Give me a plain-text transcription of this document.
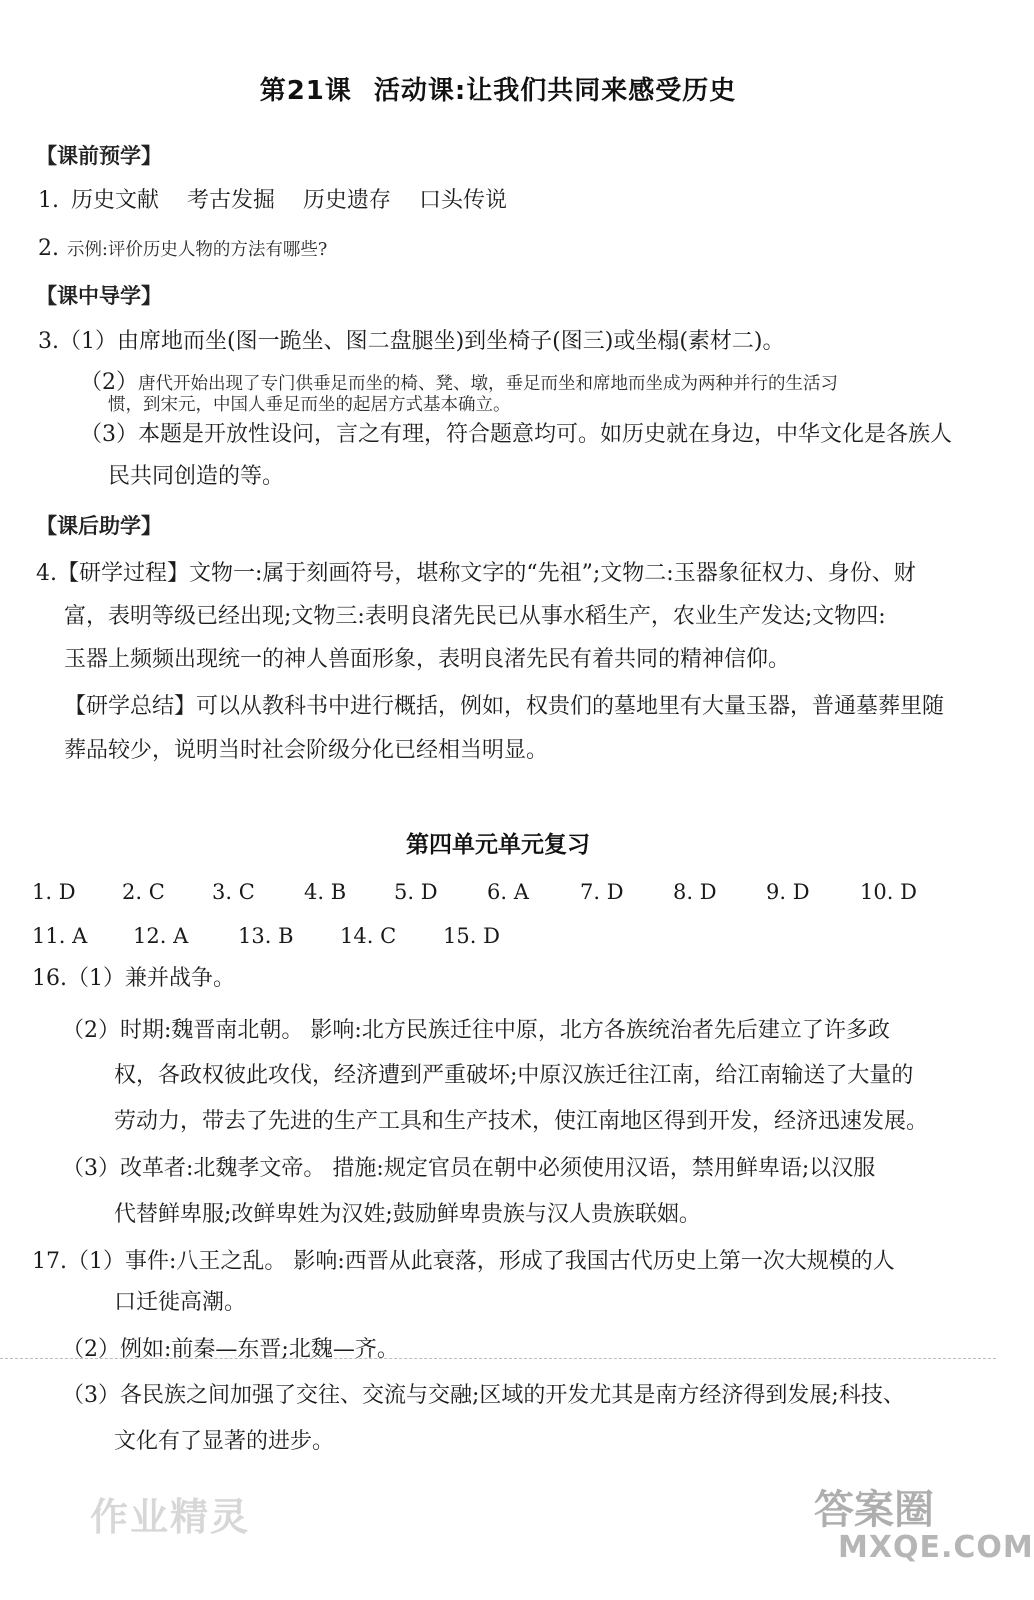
第21课 活动课:让我们共同来感受历史
【课前预学】
1. 历史文献 考古发掘 历史遗存 口头传说
2. 示例:评价历史人物的方法有哪些?
【课中导学】
3.（1）由席地而坐(图一跪坐、图二盘腿坐)到坐椅子(图三)或坐榻(素材二)。
（2）唐代开始出现了专门供垂足而坐的椅、凳、墩，垂足而坐和席地而坐成为两种并行的生活习
惯，到宋元，中国人垂足而坐的起居方式基本确立。
（3）本题是开放性设问，言之有理，符合题意均可。如历史就在身边，中华文化是各族人
民共同创造的等。
【课后助学】
4.【研学过程】文物一:属于刻画符号，堪称文字的“先祖”;文物二:玉器象征权力、身份、财
富，表明等级已经出现;文物三:表明良渚先民已从事水稻生产，农业生产发达;文物四:
玉器上频频出现统一的神人兽面形象，表明良渚先民有着共同的精神信仰。
【研学总结】可以从教科书中进行概括，例如，权贵们的墓地里有大量玉器，普通墓葬里随
葬品较少，说明当时社会阶级分化已经相当明显。
第四单元单元复习
1. D 2. C 3. C 4. B 5. D 6. A 7. D 8. D 9. D 10. D
11. A 12. A 13. B 14. C 15. D
16.（1）兼并战争。
（2）时期:魏晋南北朝。 影响:北方民族迁往中原，北方各族统治者先后建立了许多政
权，各政权彼此攻伐，经济遭到严重破坏;中原汉族迁往江南，给江南输送了大量的
劳动力，带去了先进的生产工具和生产技术，使江南地区得到开发，经济迅速发展。
（3）改革者:北魏孝文帝。 措施:规定官员在朝中必须使用汉语，禁用鲜卑语;以汉服
代替鲜卑服;改鲜卑姓为汉姓;鼓励鲜卑贵族与汉人贵族联姻。
17.（1）事件:八王之乱。 影响:西晋从此衰落，形成了我国古代历史上第一次大规模的人
口迁徙高潮。
（2）例如:前秦—东晋;北魏—齐。
（3）各民族之间加强了交往、交流与交融;区域的开发尤其是南方经济得到发展;科技、
文化有了显著的进步。
作业精灵	答案圈
MXQE.COM
